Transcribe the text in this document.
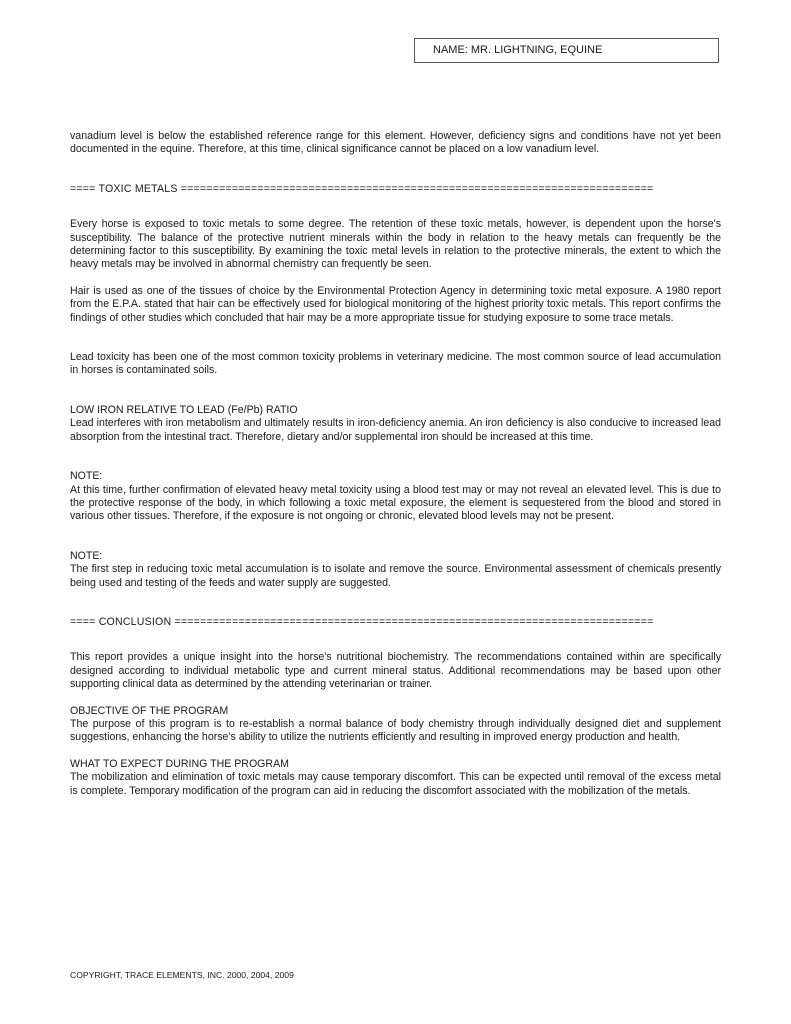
NAME: MR. LIGHTNING, EQUINE

vanadium level is below the established reference range for this element. However, deficiency signs and conditions have not yet been documented in the equine. Therefore, at this time, clinical significance cannot be placed on a low vanadium level.

==== TOXIC METALS ==========================================================================

Every horse is exposed to toxic metals to some degree. The retention of these toxic metals, however, is dependent upon the horse's susceptibility. The balance of the protective nutrient minerals within the body in relation to the heavy metals can frequently be the determining factor to this susceptibility. By examining the toxic metal levels in relation to the protective minerals, the extent to which the heavy metals may be involved in abnormal chemistry can frequently be seen.

Hair is used as one of the tissues of choice by the Environmental Protection Agency in determining toxic metal exposure. A 1980 report from the E.P.A. stated that hair can be effectively used for biological monitoring of the highest priority toxic metals. This report confirms the findings of other studies which concluded that hair may be a more appropriate tissue for studying exposure to some trace metals.

Lead toxicity has been one of the most common toxicity problems in veterinary medicine. The most common source of lead accumulation in horses is contaminated soils.

LOW IRON RELATIVE TO LEAD (Fe/Pb) RATIO

Lead interferes with iron metabolism and ultimately results in iron-deficiency anemia. An iron deficiency is also conducive to increased lead absorption from the intestinal tract. Therefore, dietary and/or supplemental iron should be increased at this time.

NOTE:

At this time, further confirmation of elevated heavy metal toxicity using a blood test may or may not reveal an elevated level. This is due to the protective response of the body, in which following a toxic metal exposure, the element is sequestered from the blood and stored in various other tissues. Therefore, if the exposure is not ongoing or chronic, elevated blood levels may not be present.

NOTE:

The first step in reducing toxic metal accumulation is to isolate and remove the source. Environmental assessment of chemicals presently being used and testing of the feeds and water supply are suggested.

==== CONCLUSION ===========================================================================

This report provides a unique insight into the horse's nutritional biochemistry. The recommendations contained within are specifically designed according to individual metabolic type and current mineral status. Additional recommendations may be based upon other supporting clinical data as determined by the attending veterinarian or trainer.

OBJECTIVE OF THE PROGRAM

The purpose of this program is to re-establish a normal balance of body chemistry through individually designed diet and supplement suggestions, enhancing the horse's ability to utilize the nutrients efficiently and resulting in improved energy production and health.

WHAT TO EXPECT DURING THE PROGRAM

The mobilization and elimination of toxic metals may cause temporary discomfort. This can be expected until removal of the excess metal is complete. Temporary modification of the program can aid in reducing the discomfort associated with the mobilization of the metals.

COPYRIGHT, TRACE ELEMENTS, INC. 2000, 2004, 2009
